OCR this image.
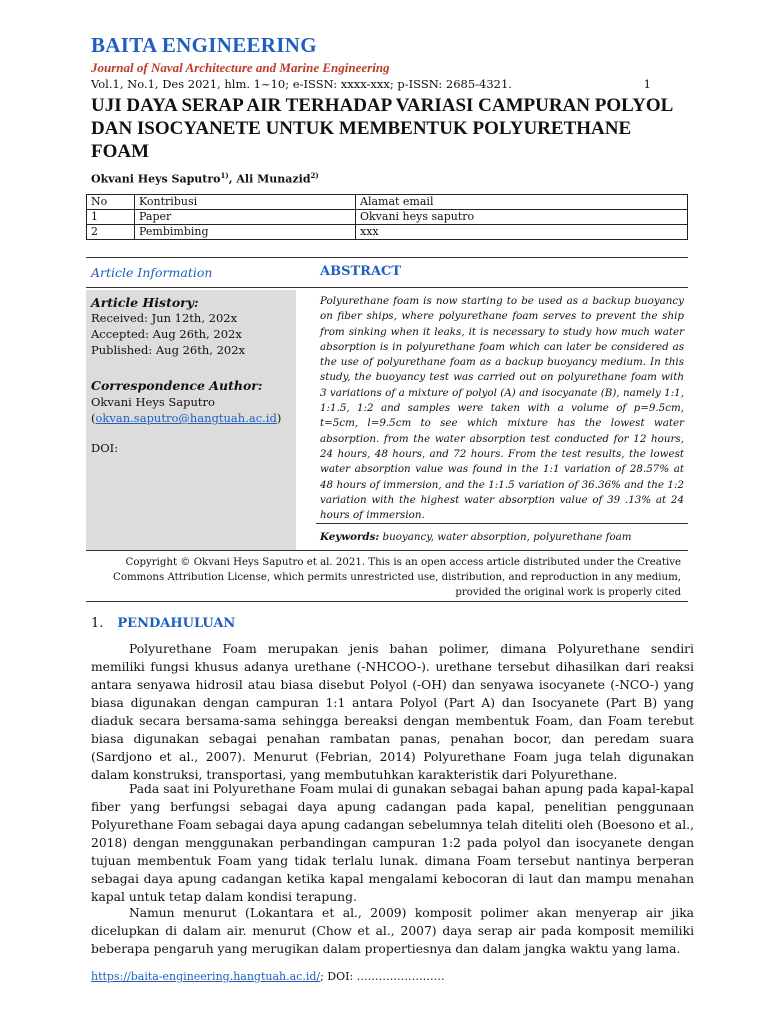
BAITA ENGINEERING
Journal of Naval Architecture and Marine Engineering
Vol.1, No.1, Des 2021, hlm. 1~10; e-ISSN: xxxx-xxx; p-ISSN: 2685-4321.	1
UJI DAYA SERAP AIR TERHADAP VARIASI CAMPURAN POLYOL DAN ISOCYANETE UNTUK MEMBENTUK POLYURETHANE FOAM
Okvani Heys Saputro$^{1)}$, Ali Munazid$^{2)}$
No	Kontribusi	Alamat email
1	Paper	Okvani heys saputro
2	Pembimbing	xxx
Article Information	ABSTRACT
Article History:
Received: Jun 12th, 202x
Accepted: Aug 26th, 202x
Published: Aug 26th, 202x
Correspondence Author:
Okvani Heys Saputro
(okvan.saputro@hangtuah.ac.id)
DOI:
Polyurethane foam is now starting to be used as a backup buoyancy on fiber ships, where polyurethane foam serves to prevent the ship from sinking when it leaks, it is necessary to study how much water absorption is in polyurethane foam which can later be considered as the use of polyurethane foam as a backup buoyancy medium. In this study, the buoyancy test was carried out on polyurethane foam with 3 variations of a mixture of polyol (A) and isocyanate (B), namely 1:1, 1:1.5, 1:2 and samples were taken with a volume of p=9.5cm, t=5cm, l=9.5cm to see which mixture has the lowest water absorption. from the water absorption test conducted for 12 hours, 24 hours, 48 hours, and 72 hours. From the test results, the lowest water absorption value was found in the 1:1 variation of 28.57% at 48 hours of immersion, and the 1:1.5 variation of 36.36% and the 1:2 variation with the highest water absorption value of 39 .13% at 24 hours of immersion.
Keywords: buoyancy, water absorption, polyurethane foam
Copyright © Okvani Heys Saputro et al. 2021. This is an open access article distributed under the Creative
Commons Attribution License, which permits unrestricted use, distribution, and reproduction in any medium,
provided the original work is properly cited
1. PENDAHULUAN

Polyurethane Foam merupakan jenis bahan polimer, dimana Polyurethane sendiri memiliki fungsi khusus adanya urethane (-NHCOO-). urethane tersebut dihasilkan dari reaksi antara senyawa hidrosil atau biasa disebut Polyol (-OH) dan senyawa isocyanete (-NCO-) yang biasa digunakan dengan campuran 1:1 antara Polyol (Part A) dan Isocyanete (Part B) yang diaduk secara bersama-sama sehingga bereaksi dengan membentuk Foam, dan Foam terebut biasa digunakan sebagai penahan rambatan panas, penahan bocor, dan peredam suara (Sardjono et al., 2007). Menurut (Febrian, 2014) Polyurethane Foam juga telah digunakan dalam konstruksi, transportasi, yang membutuhkan karakteristik dari Polyurethane.

Pada saat ini Polyurethane Foam mulai di gunakan sebagai bahan apung pada kapal-kapal fiber yang berfungsi sebagai daya apung cadangan pada kapal, penelitian penggunaan Polyurethane Foam sebagai daya apung cadangan sebelumnya telah diteliti oleh (Boesono et al., 2018) dengan menggunakan perbandingan campuran 1:2 pada polyol dan isocyanete dengan tujuan membentuk Foam yang tidak terlalu lunak. dimana Foam tersebut nantinya berperan sebagai daya apung cadangan ketika kapal mengalami kebocoran di laut dan mampu menahan kapal untuk tetap dalam kondisi terapung.

Namun menurut (Lokantara et al., 2009) komposit polimer akan menyerap air jika dicelupkan di dalam air. menurut (Chow et al., 2007) daya serap air pada komposit memiliki beberapa pengaruh yang merugikan dalam propertiesnya dan dalam jangka waktu yang lama.

https://baita-engineering.hangtuah.ac.id/; DOI: ……………………
